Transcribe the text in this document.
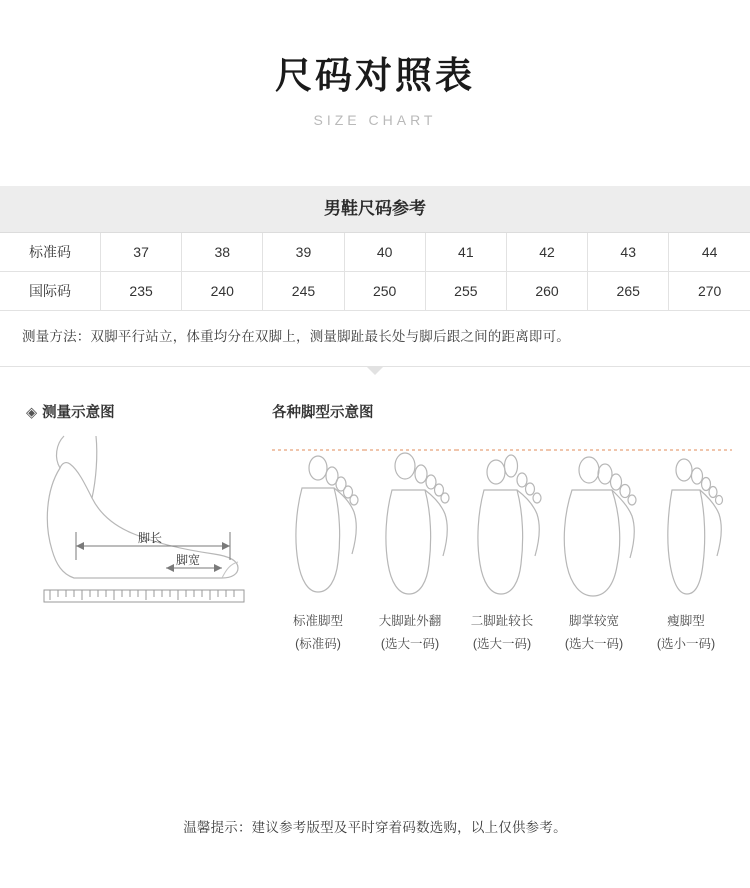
尺码对照表
SIZE CHART
男鞋尺码参考
标准码	37	38	39	40	41	42	43	44
国际码	235	240	245	250	255	260	265	270
测量方法：双脚平行站立，体重均分在双脚上，测量脚趾最长处与脚后跟之间的距离即可。
◈ 测量示意图
脚长
脚宽
各种脚型示意图
标准脚型
(标准码)
大脚趾外翻
(选大一码)
二脚趾较长
(选大一码)
脚掌较宽
(选大一码)
瘦脚型
(选小一码)
温馨提示：建议参考版型及平时穿着码数选购，以上仅供参考。
